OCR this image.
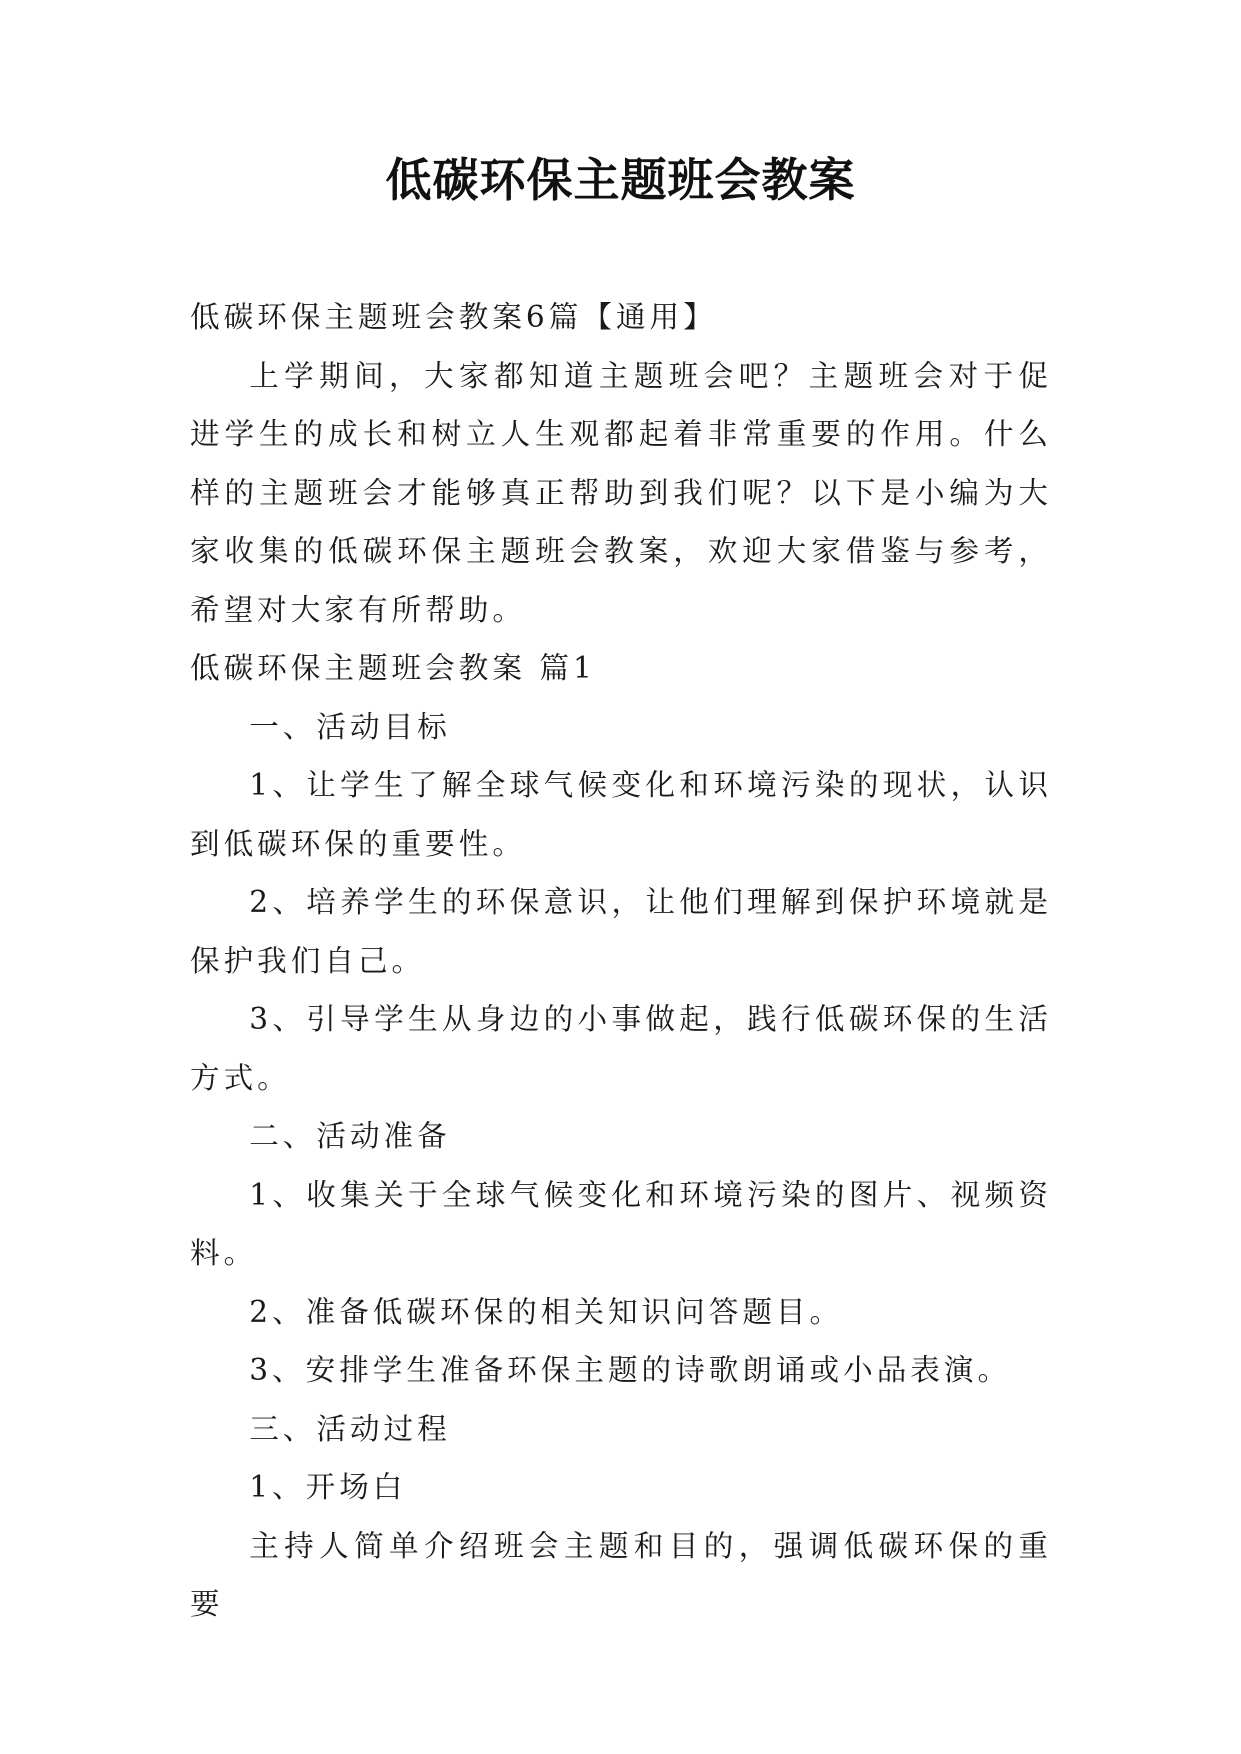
低碳环保主题班会教案

低碳环保主题班会教案6篇【通用】

上学期间，大家都知道主题班会吧？主题班会对于促进学生的成长和树立人生观都起着非常重要的作用。什么样的主题班会才能够真正帮助到我们呢？以下是小编为大家收集的低碳环保主题班会教案，欢迎大家借鉴与参考，希望对大家有所帮助。

低碳环保主题班会教案 篇1

一、活动目标

1、让学生了解全球气候变化和环境污染的现状，认识到低碳环保的重要性。

2、培养学生的环保意识，让他们理解到保护环境就是保护我们自己。

3、引导学生从身边的小事做起，践行低碳环保的生活方式。

二、活动准备

1、收集关于全球气候变化和环境污染的图片、视频资料。

2、准备低碳环保的相关知识问答题目。

3、安排学生准备环保主题的诗歌朗诵或小品表演。

三、活动过程

1、开场白

主持人简单介绍班会主题和目的，强调低碳环保的重要
